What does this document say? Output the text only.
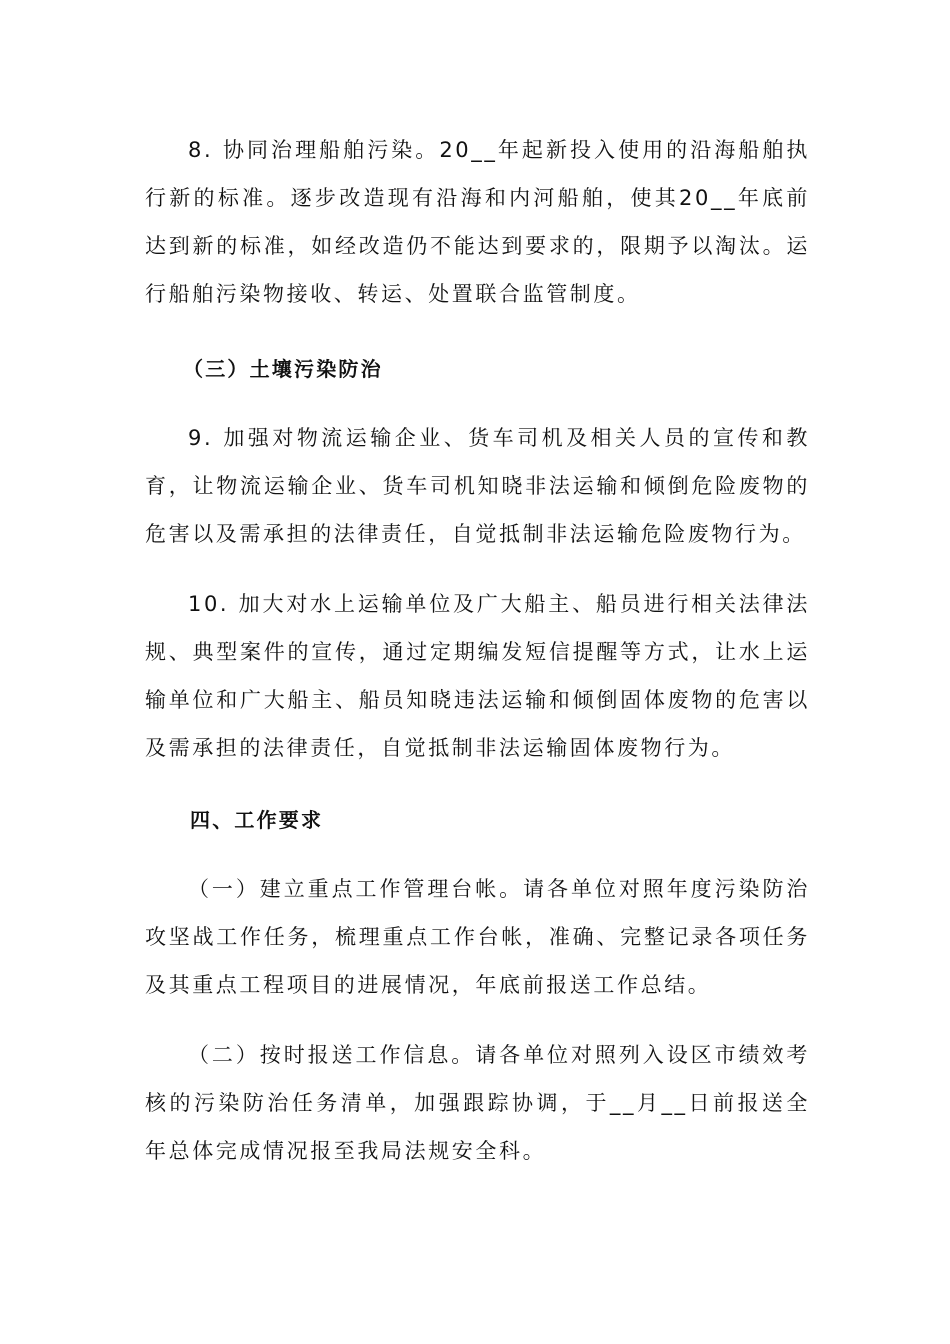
8. 协同治理船舶污染。20__年起新投入使用的沿海船舶执行新的标准。逐步改造现有沿海和内河船舶，使其20__年底前达到新的标准，如经改造仍不能达到要求的，限期予以淘汰。运行船舶污染物接收、转运、处置联合监管制度。

（三）土壤污染防治

9. 加强对物流运输企业、货车司机及相关人员的宣传和教育，让物流运输企业、货车司机知晓非法运输和倾倒危险废物的危害以及需承担的法律责任，自觉抵制非法运输危险废物行为。

10. 加大对水上运输单位及广大船主、船员进行相关法律法规、典型案件的宣传，通过定期编发短信提醒等方式，让水上运输单位和广大船主、船员知晓违法运输和倾倒固体废物的危害以及需承担的法律责任，自觉抵制非法运输固体废物行为。

四、工作要求

（一）建立重点工作管理台帐。请各单位对照年度污染防治攻坚战工作任务，梳理重点工作台帐，准确、完整记录各项任务及其重点工程项目的进展情况，年底前报送工作总结。

（二）按时报送工作信息。请各单位对照列入设区市绩效考核的污染防治任务清单，加强跟踪协调，于__月__日前报送全年总体完成情况报至我局法规安全科。
